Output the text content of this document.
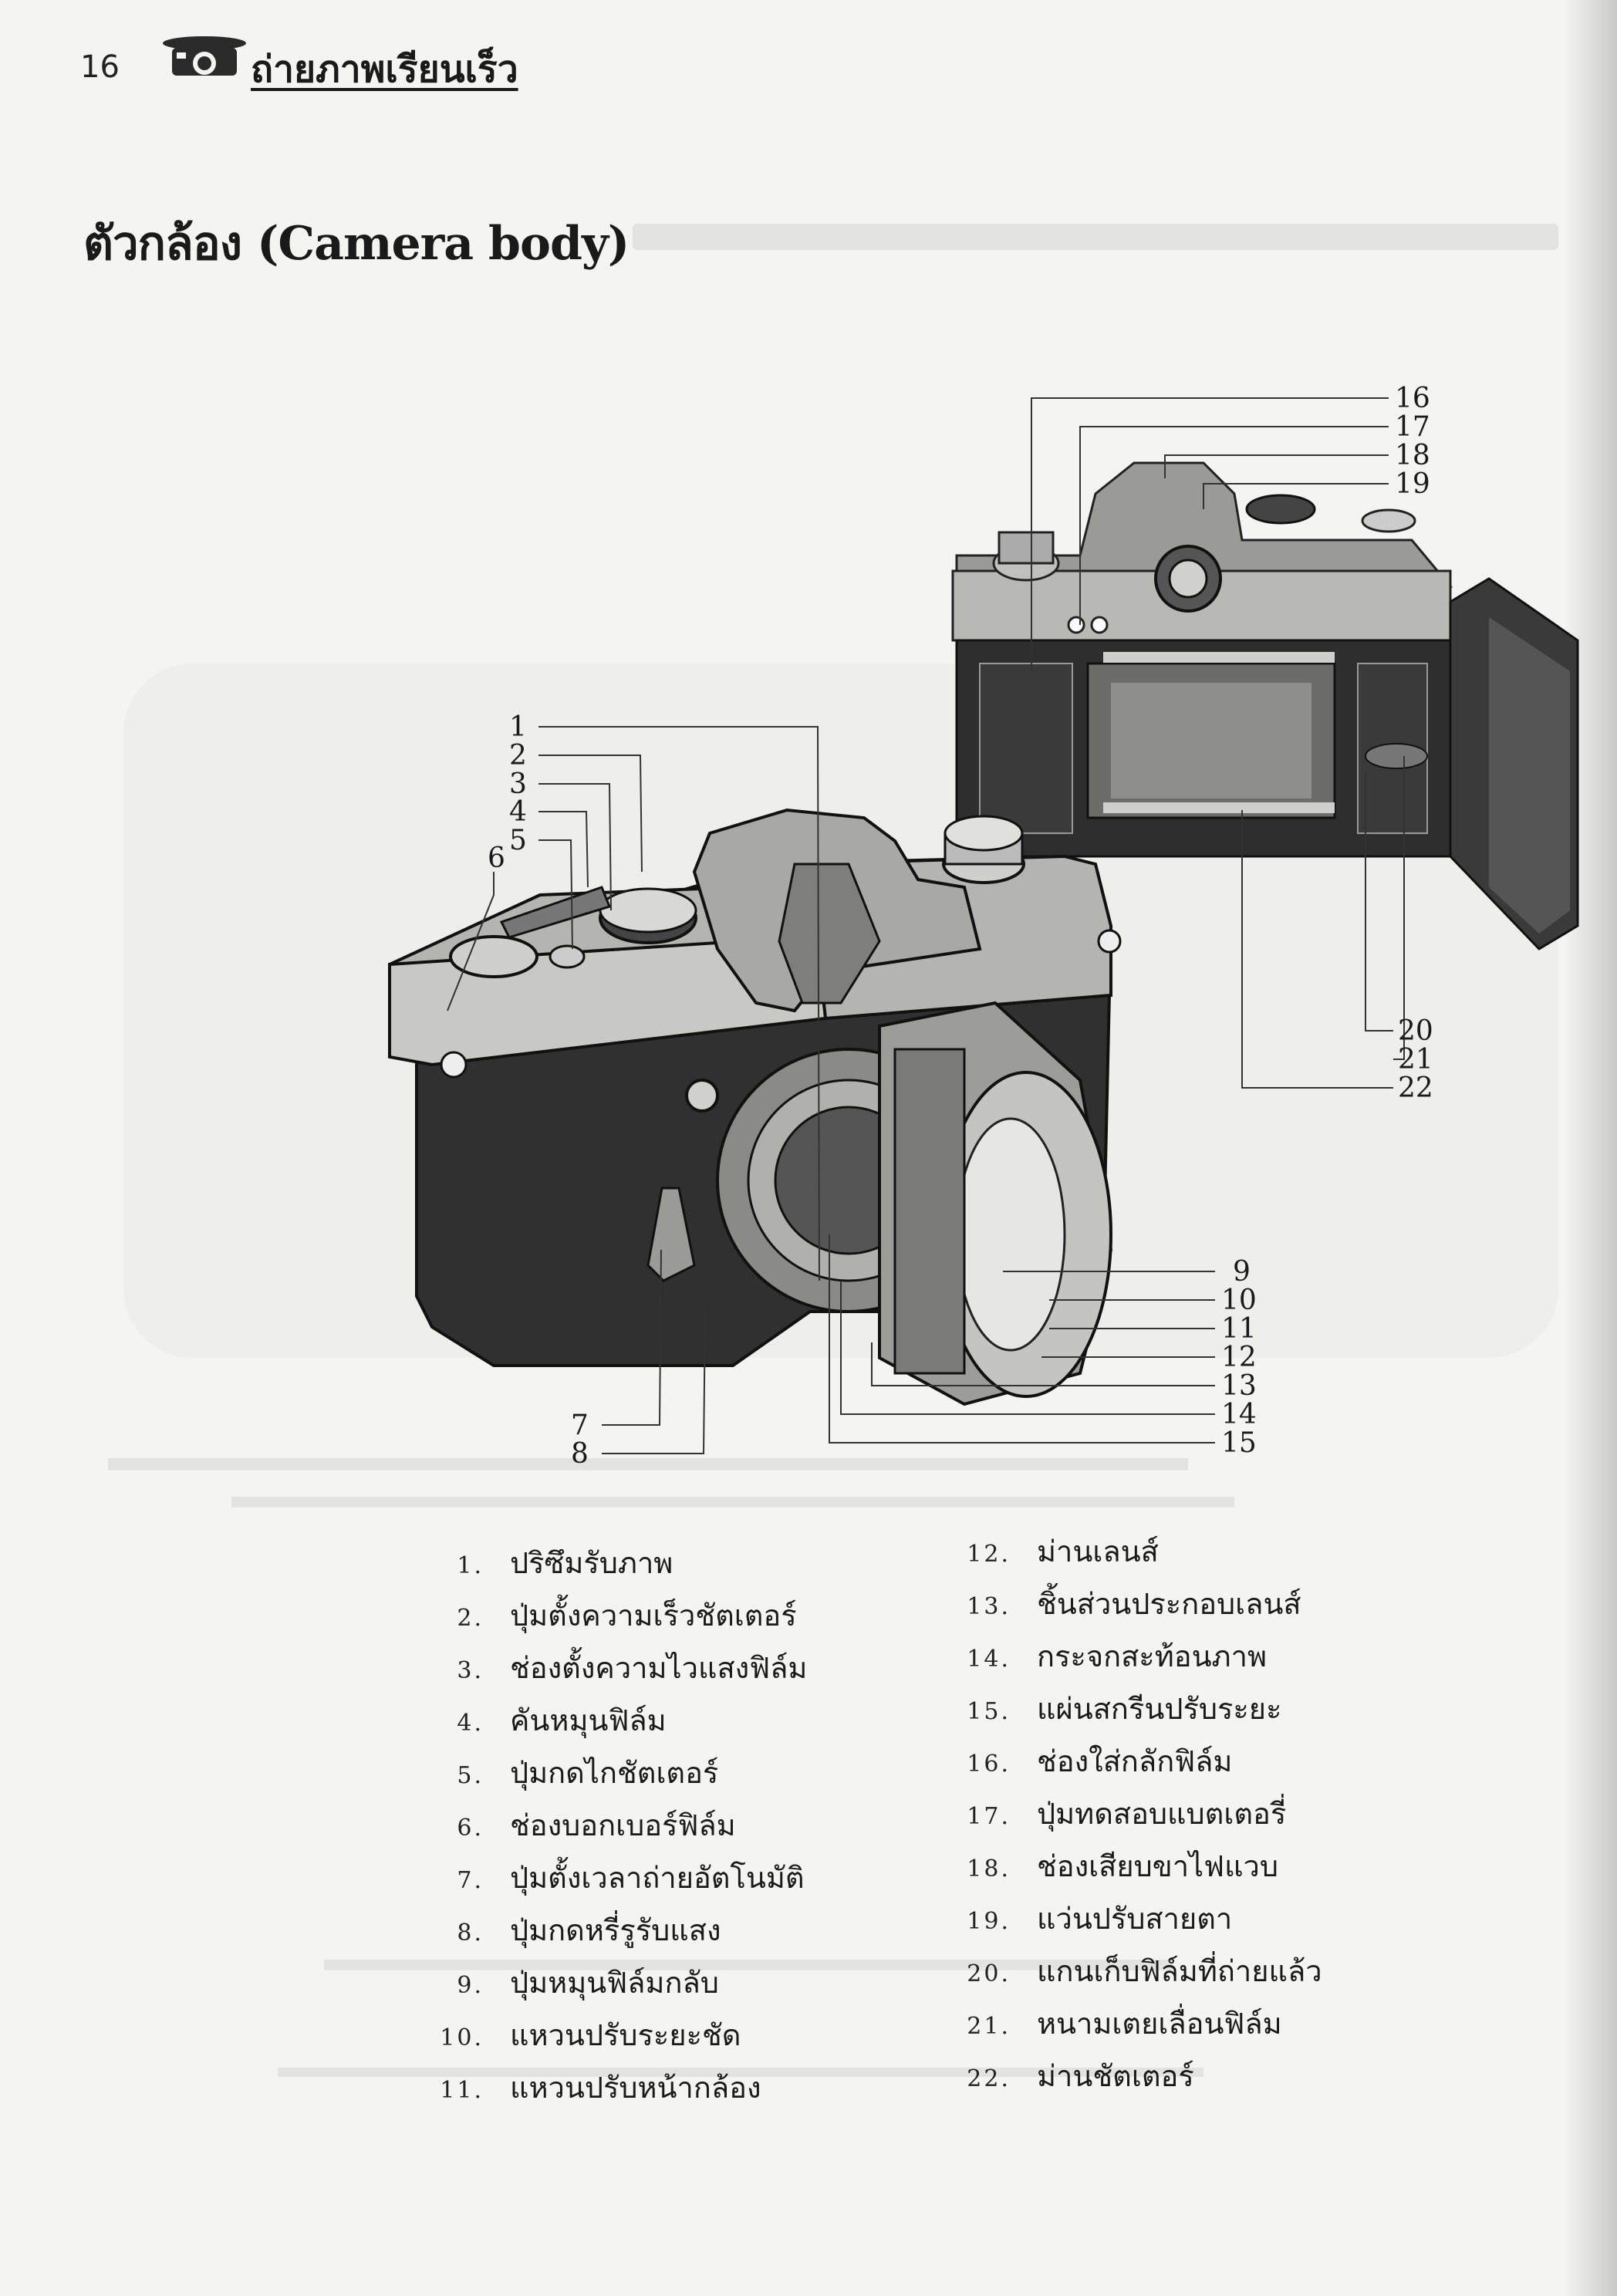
16	ถ่ายภาพเรียนเร็ว
ตัวกล้อง (Camera body)
1
2
3
4
5
6
7
8
9
10
11
12
13
14
15
16
17
18
19
20
21
22
1. ปริซึมรับภาพ
2. ปุ่มตั้งความเร็วชัตเตอร์
3. ช่องตั้งความไวแสงฟิล์ม
4. คันหมุนฟิล์ม
5. ปุ่มกดไกชัตเตอร์
6. ช่องบอกเบอร์ฟิล์ม
7. ปุ่มตั้งเวลาถ่ายอัตโนมัติ
8. ปุ่มกดหรี่รูรับแสง
9. ปุ่มหมุนฟิล์มกลับ
10. แหวนปรับระยะชัด
11. แหวนปรับหน้ากล้อง
12. ม่านเลนส์
13. ชิ้นส่วนประกอบเลนส์
14. กระจกสะท้อนภาพ
15. แผ่นสกรีนปรับระยะ
16. ช่องใส่กลักฟิล์ม
17. ปุ่มทดสอบแบตเตอรี่
18. ช่องเสียบขาไฟแวบ
19. แว่นปรับสายตา
20. แกนเก็บฟิล์มที่ถ่ายแล้ว
21. หนามเตยเลื่อนฟิล์ม
22. ม่านชัตเตอร์
